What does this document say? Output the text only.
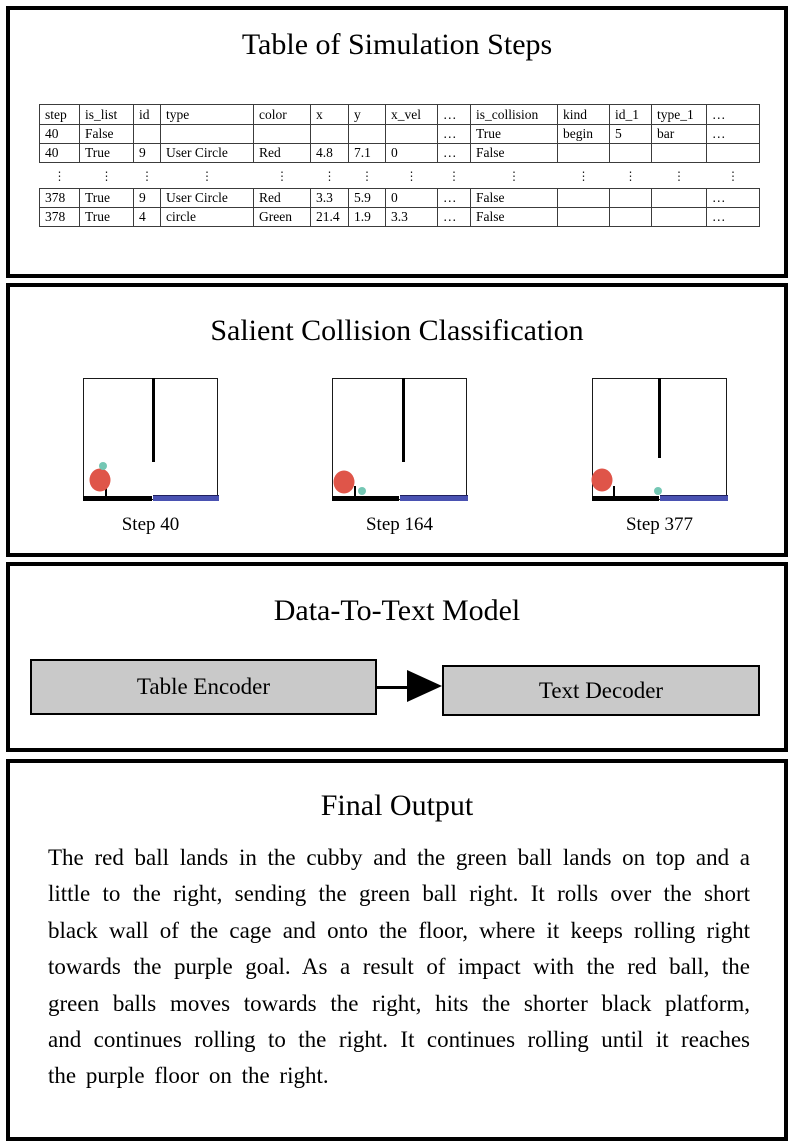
Table of Simulation Steps
step	is_list	id	type	color	x	y	x_vel	…	is_collision	kind	id_1	type_1	…
40	False							…	True	begin	5	bar	…
40	True	9	User Circle	Red	4.8	7.1	0	…	False				
⋮	⋮	⋮	⋮	⋮	⋮	⋮	⋮	⋮	⋮	⋮	⋮	⋮	⋮
378	True	9	User Circle	Red	3.3	5.9	0	…	False				…
378	True	4	circle	Green	21.4	1.9	3.3	…	False				…
Salient Collision Classification
Step 40	Step 164	Step 377
Data-To-Text Model
Table Encoder	Text Decoder
Final Output
The red ball lands in the cubby and the green ball lands on top and a little to the right, sending the green ball right. It rolls over the short black wall of the cage and onto the floor, where it keeps rolling right towards the purple goal. As a result of impact with the red ball, the green balls moves towards the right, hits the shorter black platform, and continues rolling to the right. It continues rolling until it reaches the purple floor on the right.
